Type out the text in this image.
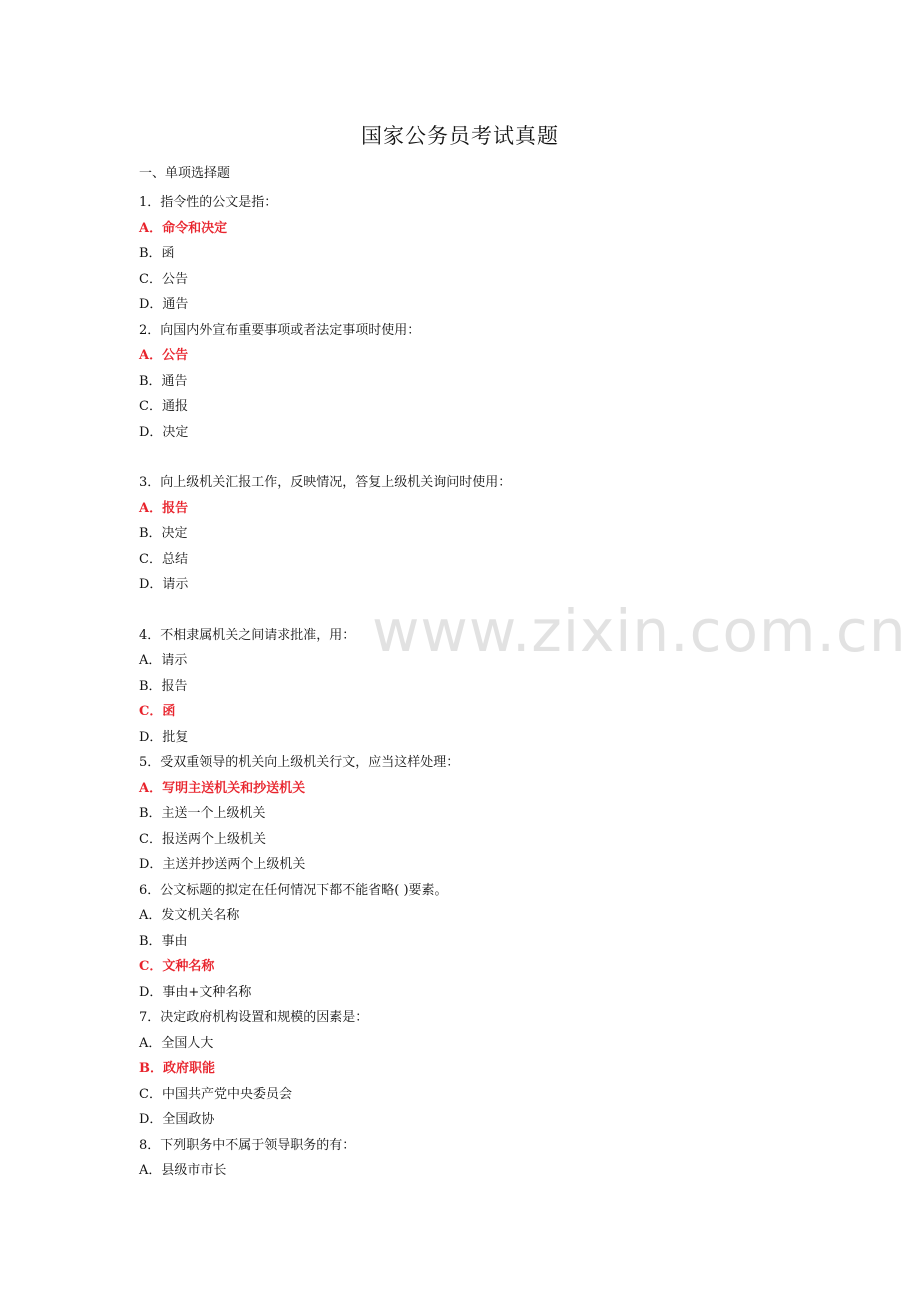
国家公务员考试真题
一、单项选择题
1．指令性的公文是指：
A．命令和决定
B．函
C．公告
D．通告
2．向国内外宣布重要事项或者法定事项时使用：
A．公告
B．通告
C．通报
D．决定
3．向上级机关汇报工作，反映情况，答复上级机关询问时使用：
A．报告
B．决定
C．总结
D．请示
4．不相隶属机关之间请求批准，用：
A．请示
B．报告
C．函
D．批复
5．受双重领导的机关向上级机关行文，应当这样处理：
A．写明主送机关和抄送机关
B．主送一个上级机关
C．报送两个上级机关
D．主送并抄送两个上级机关
6．公文标题的拟定在任何情况下都不能省略( )要素。
A．发文机关名称
B．事由
C．文种名称
D．事由+文种名称
7．决定政府机构设置和规模的因素是：
A．全国人大
B．政府职能
C．中国共产党中央委员会
D．全国政协
8．下列职务中不属于领导职务的有：
A．县级市市长
www.zixin.com.cn
